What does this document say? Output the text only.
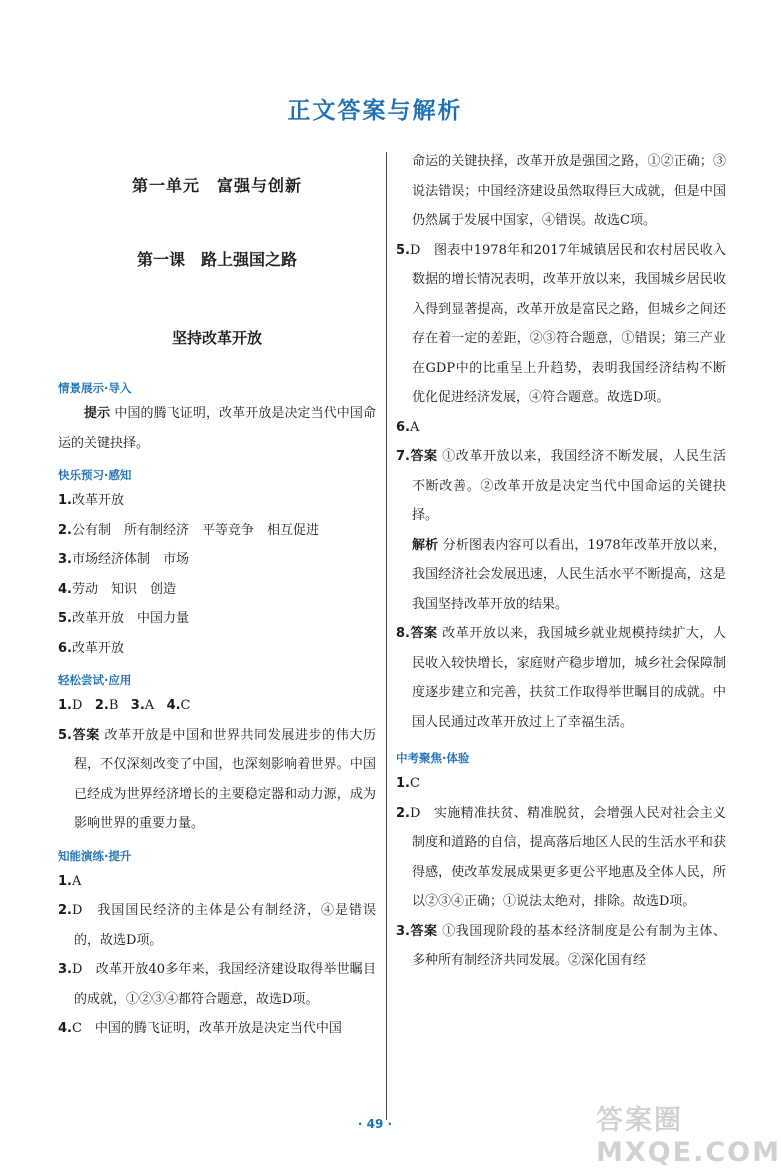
正文答案与解析
第一单元　富强与创新
第一课　路上强国之路
坚持改革开放
情景展示·导入
提示 中国的腾飞证明，改革开放是决定当代中国命运的关键抉择。
快乐预习·感知
1.改革开放
2.公有制　所有制经济　平等竞争　相互促进
3.市场经济体制　市场
4.劳动　知识　创造
5.改革开放　中国力量
6.改革开放
轻松尝试·应用
1.D 2.B 3.A 4.C
5.答案 改革开放是中国和世界共同发展进步的伟大历程，不仅深刻改变了中国，也深刻影响着世界。中国已经成为世界经济增长的主要稳定器和动力源，成为影响世界的重要力量。
知能演练·提升
1.A
2.D　我国国民经济的主体是公有制经济，④是错误的，故选D项。
3.D　改革开放40多年来，我国经济建设取得举世瞩目的成就，①②③④都符合题意，故选D项。
4.C　中国的腾飞证明，改革开放是决定当代中国
命运的关键抉择，改革开放是强国之路，①②正确；③说法错误；中国经济建设虽然取得巨大成就，但是中国仍然属于发展中国家，④错误。故选C项。
5.D　图表中1978年和2017年城镇居民和农村居民收入数据的增长情况表明，改革开放以来，我国城乡居民收入得到显著提高，改革开放是富民之路，但城乡之间还存在着一定的差距，②③符合题意，①错误；第三产业在GDP中的比重呈上升趋势，表明我国经济结构不断优化促进经济发展，④符合题意。故选D项。
6.A
7.答案 ①改革开放以来，我国经济不断发展，人民生活不断改善。②改革开放是决定当代中国命运的关键抉择。
解析 分析图表内容可以看出，1978年改革开放以来，我国经济社会发展迅速，人民生活水平不断提高，这是我国坚持改革开放的结果。
8.答案 改革开放以来，我国城乡就业规模持续扩大，人民收入较快增长，家庭财产稳步增加，城乡社会保障制度逐步建立和完善，扶贫工作取得举世瞩目的成就。中国人民通过改革开放过上了幸福生活。
中考聚焦·体验
1.C
2.D　实施精准扶贫、精准脱贫，会增强人民对社会主义制度和道路的自信，提高落后地区人民的生活水平和获得感，使改革发展成果更多更公平地惠及全体人民，所以②③④正确；①说法太绝对，排除。故选D项。
3.答案 ①我国现阶段的基本经济制度是公有制为主体、多种所有制经济共同发展。②深化国有经
· 49 ·	答案圈 MXQE.COM
